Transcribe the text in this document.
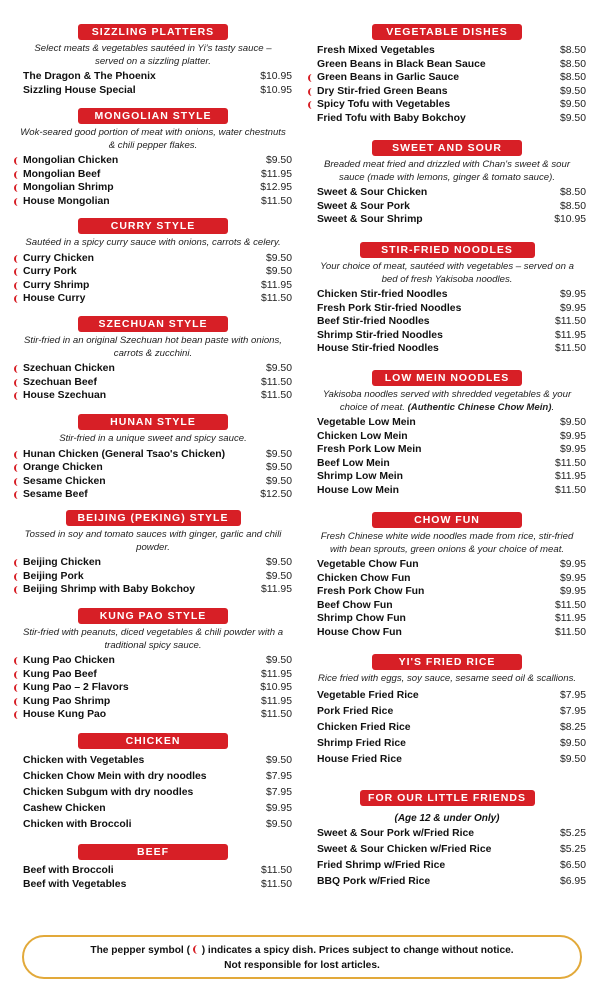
SIZZLING PLATTERS
Select meats & vegetables sautéed in Yi's tasty sauce – served on a sizzling platter.
The Dragon & The Phoenix	$10.95
Sizzling House Special	$10.95
MONGOLIAN STYLE
Wok-seared good portion of meat with onions, water chestnuts & chili pepper flakes.
Mongolian Chicken	$9.50
Mongolian Beef	$11.95
Mongolian Shrimp	$12.95
House Mongolian	$11.50
CURRY STYLE
Sautéed in a spicy curry sauce with onions, carrots & celery.
Curry Chicken	$9.50
Curry Pork	$9.50
Curry Shrimp	$11.95
House Curry	$11.50
SZECHUAN STYLE
Stir-fried in an original Szechuan hot bean paste with onions, carrots & zucchini.
Szechuan Chicken	$9.50
Szechuan Beef	$11.50
House Szechuan	$11.50
HUNAN STYLE
Stir-fried in a unique sweet and spicy sauce.
Hunan Chicken (General Tsao's Chicken)	$9.50
Orange Chicken	$9.50
Sesame Chicken	$9.50
Sesame Beef	$12.50
BEIJING (PEKING) STYLE
Tossed in soy and tomato sauces with ginger, garlic and chili powder.
Beijing Chicken	$9.50
Beijing Pork	$9.50
Beijing Shrimp with Baby Bokchoy	$11.95
KUNG PAO STYLE
Stir-fried with peanuts, diced vegetables & chili powder with a traditional spicy sauce.
Kung Pao Chicken	$9.50
Kung Pao Beef	$11.95
Kung Pao – 2 Flavors	$10.95
Kung Pao Shrimp	$11.95
House Kung Pao	$11.50
CHICKEN
Chicken with Vegetables	$9.50
Chicken Chow Mein with dry noodles	$7.95
Chicken Subgum with dry noodles	$7.95
Cashew Chicken	$9.95
Chicken with Broccoli	$9.50
BEEF
Beef with Broccoli	$11.50
Beef with Vegetables	$11.50
VEGETABLE DISHES
Fresh Mixed Vegetables	$8.50
Green Beans in Black Bean Sauce	$8.50
Green Beans in Garlic Sauce	$8.50
Dry Stir-fried Green Beans	$9.50
Spicy Tofu with Vegetables	$9.50
Fried Tofu with Baby Bokchoy	$9.50
SWEET AND SOUR
Breaded meat fried and drizzled with Chan's sweet & sour sauce (made with lemons, ginger & tomato sauce).
Sweet & Sour Chicken	$8.50
Sweet & Sour Pork	$8.50
Sweet & Sour Shrimp	$10.95
STIR-FRIED NOODLES
Your choice of meat, sautéed with vegetables – served on a bed of fresh Yakisoba noodles.
Chicken Stir-fried Noodles	$9.95
Fresh Pork Stir-fried Noodles	$9.95
Beef Stir-fried Noodles	$11.50
Shrimp Stir-fried Noodles	$11.95
House Stir-fried Noodles	$11.50
LOW MEIN NOODLES
Yakisoba noodles served with shredded vegetables & your choice of meat. (Authentic Chinese Chow Mein).
Vegetable Low Mein	$9.50
Chicken Low Mein	$9.95
Fresh Pork Low Mein	$9.95
Beef Low Mein	$11.50
Shrimp Low Mein	$11.95
House Low Mein	$11.50
CHOW FUN
Fresh Chinese white wide noodles made from rice, stir-fried with bean sprouts, green onions & your choice of meat.
Vegetable Chow Fun	$9.95
Chicken Chow Fun	$9.95
Fresh Pork Chow Fun	$9.95
Beef Chow Fun	$11.50
Shrimp Chow Fun	$11.95
House Chow Fun	$11.50
YI'S FRIED RICE
Rice fried with eggs, soy sauce, sesame seed oil & scallions.
Vegetable Fried Rice	$7.95
Pork Fried Rice	$7.95
Chicken Fried Rice	$8.25
Shrimp Fried Rice	$9.50
House Fried Rice	$9.50
FOR OUR LITTLE FRIENDS
(Age 12 & under Only)
Sweet & Sour Pork w/Fried Rice	$5.25
Sweet & Sour Chicken w/Fried Rice	$5.25
Fried Shrimp w/Fried Rice	$6.50
BBQ Pork w/Fried Rice	$6.95
The pepper symbol ( ) indicates a spicy dish. Prices subject to change without notice.
Not responsible for lost articles.
